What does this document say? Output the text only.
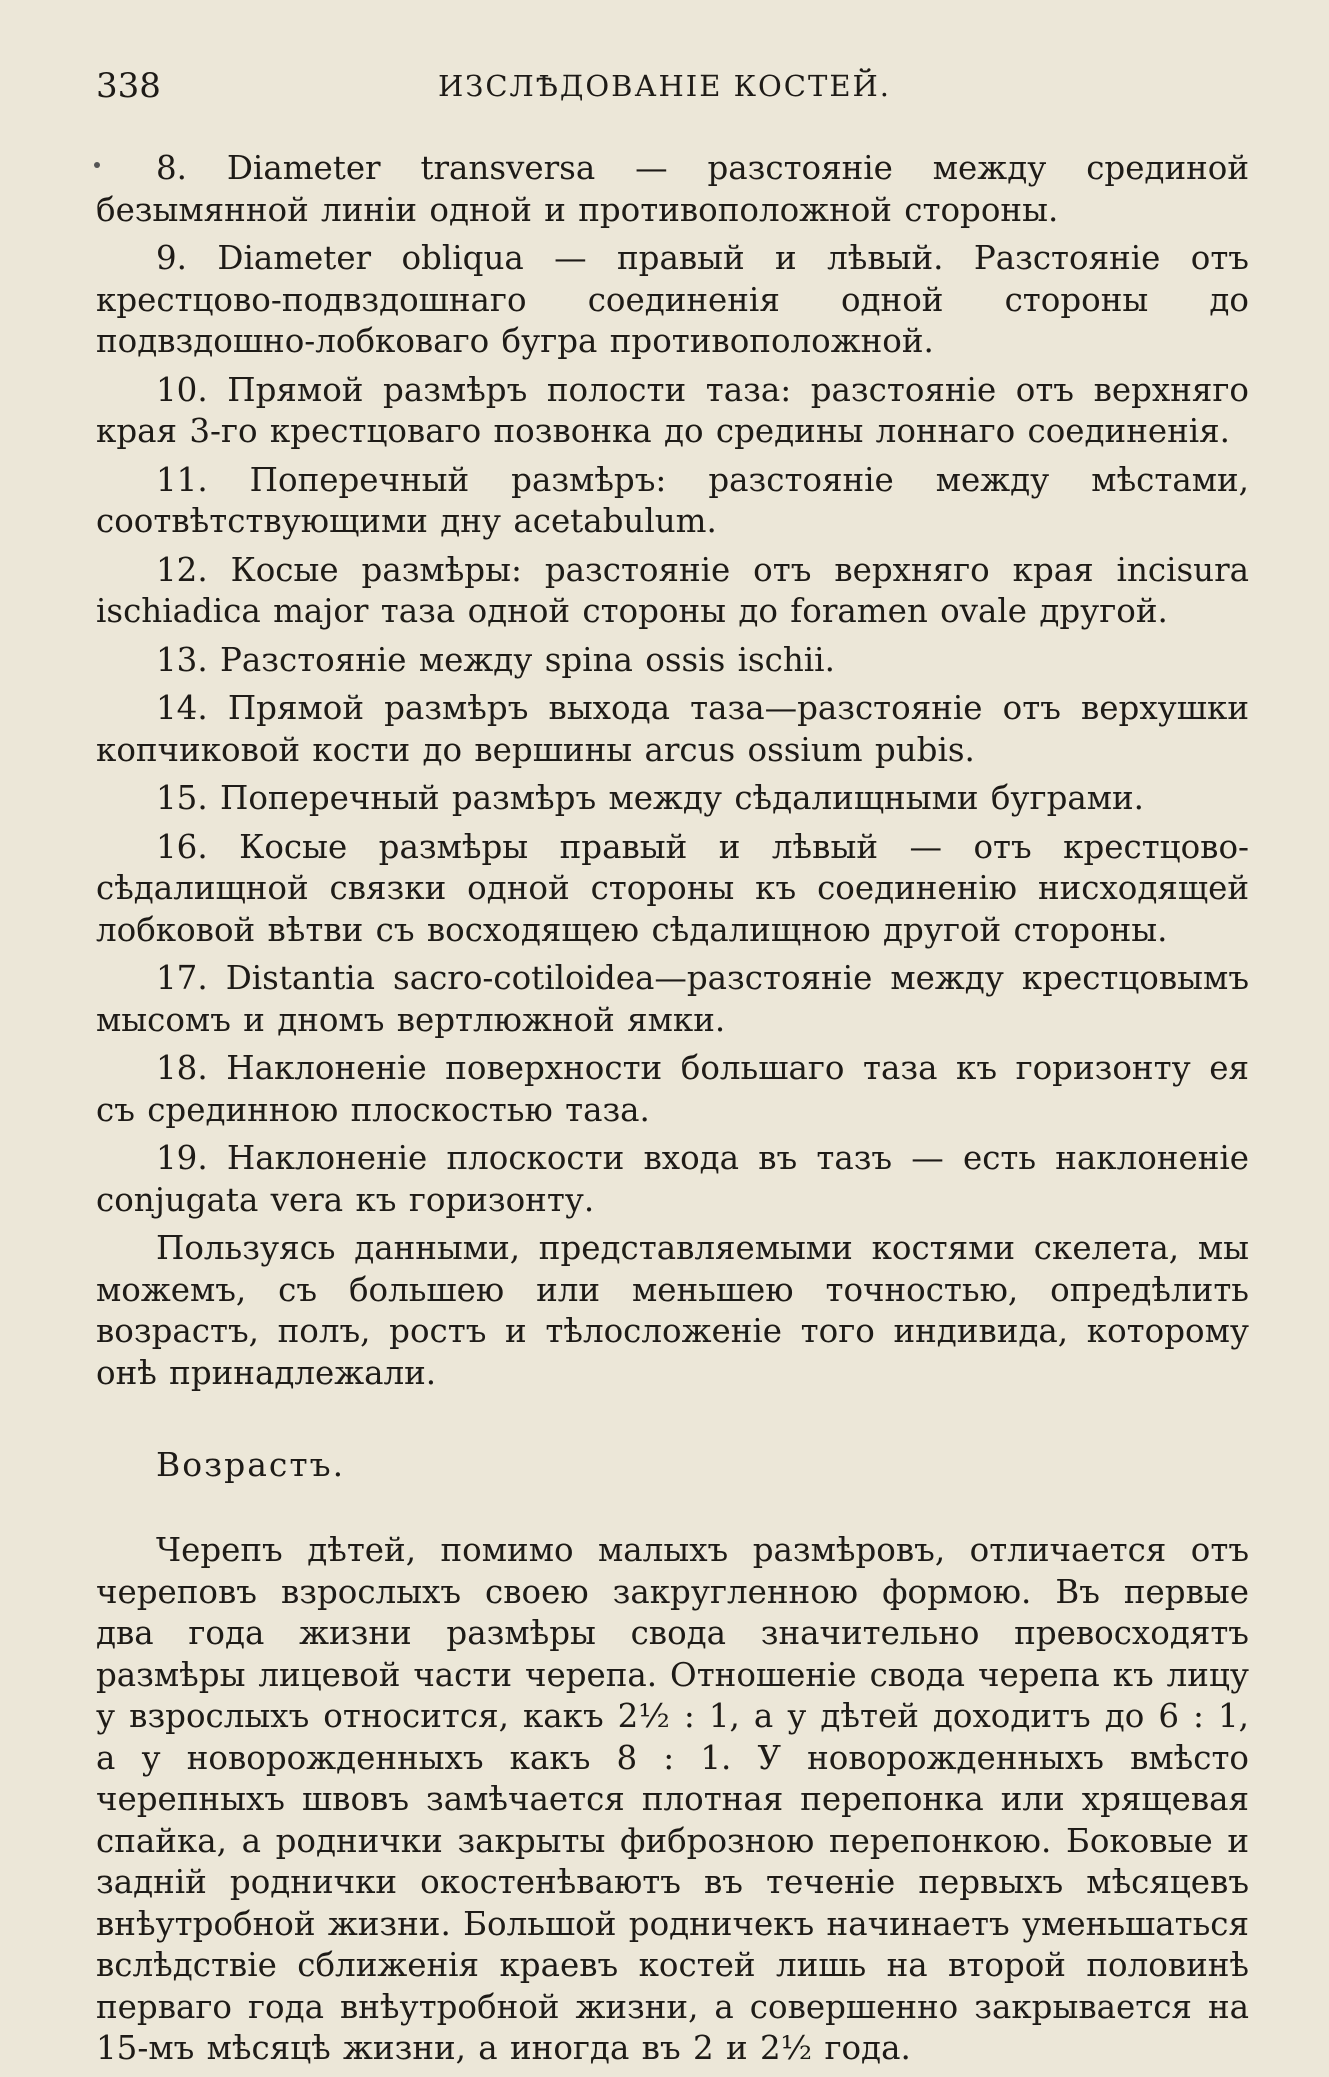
338	ИЗСЛѢДОВАНІЕ КОСТЕЙ.

8. Diameter transversa — разстояніе между срединой безымянной линіи одной и противоположной стороны.

9. Diameter obliqua — правый и лѣвый. Разстояніе отъ крестцово-подвздошнаго соединенія одной стороны до подвздошно-лобковаго бугра противоположной.

10. Прямой размѣръ полости таза: разстояніе отъ верхняго края 3-го крестцоваго позвонка до средины лоннаго соединенія.

11. Поперечный размѣръ: разстояніе между мѣстами, соотвѣтствующими дну acetabulum.

12. Косые размѣры: разстояніе отъ верхняго края incisura ischiadica major таза одной стороны до foramen ovale другой.

13. Разстояніе между spina ossis ischii.

14. Прямой размѣръ выхода таза—разстояніе отъ верхушки копчиковой кости до вершины arcus ossium pubis.

15. Поперечный размѣръ между сѣдалищными буграми.

16. Косые размѣры правый и лѣвый — отъ крестцово-сѣдалищной связки одной стороны къ соединенію нисходящей лобковой вѣтви съ восходящею сѣдалищною другой стороны.

17. Distantia sacro-cotiloidea—разстояніе между крестцовымъ мысомъ и дномъ вертлюжной ямки.

18. Наклоненіе поверхности большаго таза къ горизонту ея съ срединною плоскостью таза.

19. Наклоненіе плоскости входа въ тазъ — есть наклоненіе conjugata vera къ горизонту.

Пользуясь данными, представляемыми костями скелета, мы можемъ, съ большею или меньшею точностью, опредѣлить возрастъ, полъ, ростъ и тѣлосложеніе того индивида, которому онѣ принадлежали.

Возрастъ.

Черепъ дѣтей, помимо малыхъ размѣровъ, отличается отъ череповъ взрослыхъ своею закругленною формою. Въ первые два года жизни размѣры свода значительно превосходятъ размѣры лицевой части черепа. Отношеніе свода черепа къ лицу у взрослыхъ относится, какъ 2½ : 1, а у дѣтей доходитъ до 6 : 1, а у новорожденныхъ какъ 8 : 1. У новорожденныхъ вмѣсто черепныхъ швовъ замѣчается плотная перепонка или хрящевая спайка, а роднички закрыты фиброзною перепонкою. Боковые и задній роднички окостенѣваютъ въ теченіе первыхъ мѣсяцевъ внѣутробной жизни. Большой родничекъ начинаетъ уменьшаться вслѣдствіе сближенія краевъ костей лишь на второй половинѣ перваго года внѣутробной жизни, а совершенно закрывается на 15-мъ мѣсяцѣ жизни, а иногда въ 2 и 2½ года.
